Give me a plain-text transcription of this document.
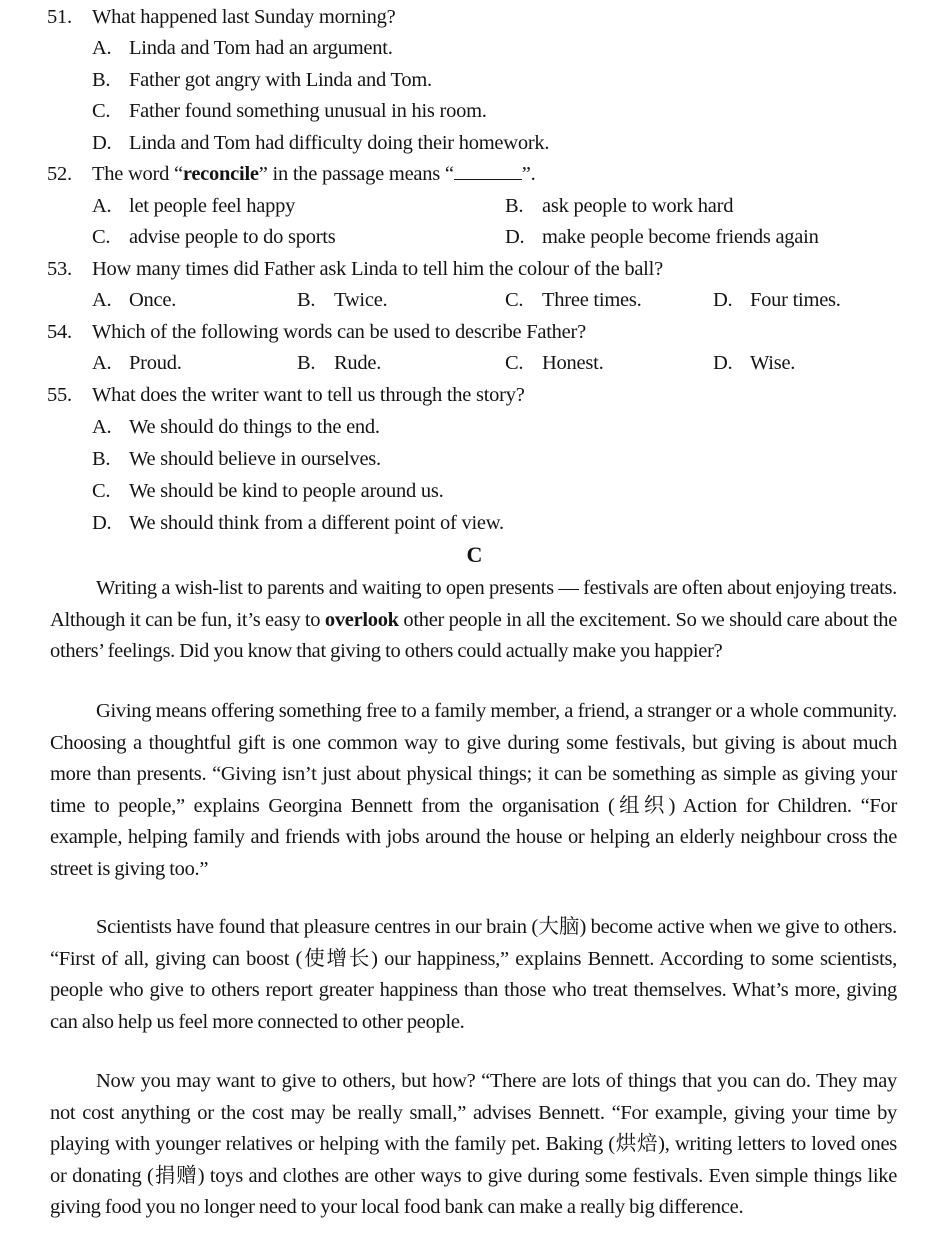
51. What happened last Sunday morning?
A. Linda and Tom had an argument.
B. Father got angry with Linda and Tom.
C. Father found something unusual in his room.
D. Linda and Tom had difficulty doing their homework.
52. The word “reconcile” in the passage means “	”.
A. let people feel happy	B. ask people to work hard
C. advise people to do sports	D. make people become friends again
53. How many times did Father ask Linda to tell him the colour of the ball?
A. Once.	B. Twice.	C. Three times.	D. Four times.
54. Which of the following words can be used to describe Father?
A. Proud.	B. Rude.	C. Honest.	D. Wise.
55. What does the writer want to tell us through the story?
A. We should do things to the end.
B. We should believe in ourselves.
C. We should be kind to people around us.
D. We should think from a different point of view.
C
Writing a wish-list to parents and waiting to open presents — festivals are often about enjoying treats. Although it can be fun, it’s easy to overlook other people in all the excitement. So we should care about the others’ feelings. Did you know that giving to others could actually make you happier?
Giving means offering something free to a family member, a friend, a stranger or a whole community. Choosing a thoughtful gift is one common way to give during some festivals, but giving is about much more than presents. “Giving isn’t just about physical things; it can be something as simple as giving your time to people,” explains Georgina Bennett from the organisation (组织) Action for Children. “For example, helping family and friends with jobs around the house or helping an elderly neighbour cross the street is giving too.”
Scientists have found that pleasure centres in our brain (大脑) become active when we give to others. “First of all, giving can boost (使增长) our happiness,” explains Bennett. According to some scientists, people who give to others report greater happiness than those who treat themselves. What’s more, giving can also help us feel more connected to other people.
Now you may want to give to others, but how? “There are lots of things that you can do. They may not cost anything or the cost may be really small,” advises Bennett. “For example, giving your time by playing with younger relatives or helping with the family pet. Baking (烘焙), writing letters to loved ones or donating (捐赠) toys and clothes are other ways to give during some festivals. Even simple things like giving food you no longer need to your local food bank can make a really big difference.
